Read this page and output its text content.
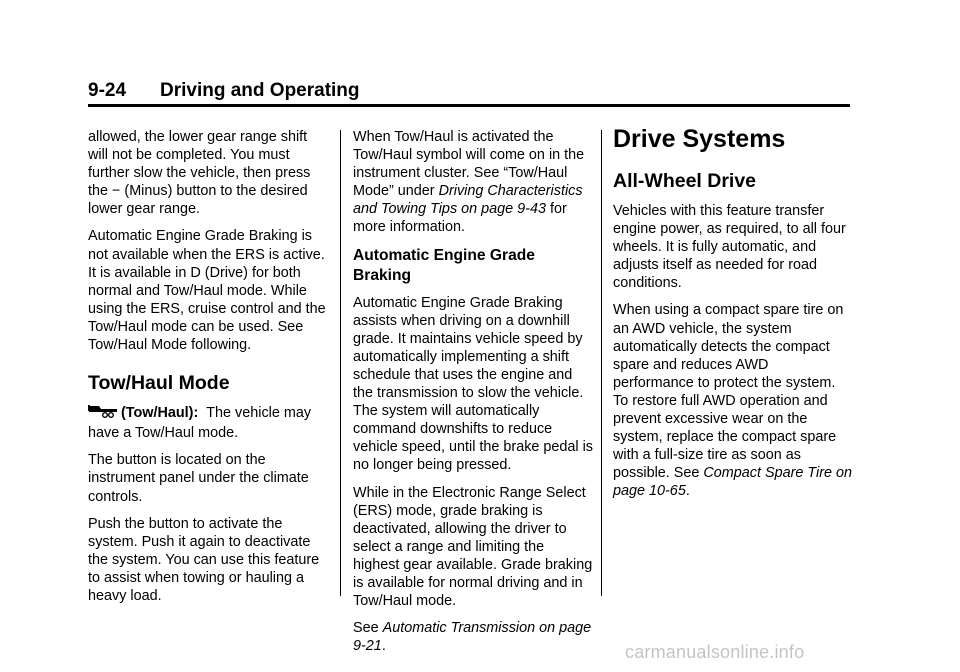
9-24 Driving and Operating

allowed, the lower gear range shift will not be completed. You must further slow the vehicle, then press the − (Minus) button to the desired lower gear range.

Automatic Engine Grade Braking is not available when the ERS is active. It is available in D (Drive) for both normal and Tow/Haul mode. While using the ERS, cruise control and the Tow/Haul mode can be used. See Tow/Haul Mode following.

Tow/Haul Mode

(Tow/Haul): The vehicle may have a Tow/Haul mode.

The button is located on the instrument panel under the climate controls.

Push the button to activate the system. Push it again to deactivate the system. You can use this feature to assist when towing or hauling a heavy load.

When Tow/Haul is activated the Tow/Haul symbol will come on in the instrument cluster. See “Tow/Haul Mode” under Driving Characteristics and Towing Tips on page 9‑43 for more information.

Automatic Engine Grade Braking

Automatic Engine Grade Braking assists when driving on a downhill grade. It maintains vehicle speed by automatically implementing a shift schedule that uses the engine and the transmission to slow the vehicle. The system will automatically command downshifts to reduce vehicle speed, until the brake pedal is no longer being pressed.

While in the Electronic Range Select (ERS) mode, grade braking is deactivated, allowing the driver to select a range and limiting the highest gear available. Grade braking is available for normal driving and in Tow/Haul mode.

See Automatic Transmission on page 9‑21.

Drive Systems
All-Wheel Drive

Vehicles with this feature transfer engine power, as required, to all four wheels. It is fully automatic, and adjusts itself as needed for road conditions.

When using a compact spare tire on an AWD vehicle, the system automatically detects the compact spare and reduces AWD performance to protect the system. To restore full AWD operation and prevent excessive wear on the system, replace the compact spare with a full-size tire as soon as possible. See Compact Spare Tire on page 10‑65.

carmanualsonline.info
